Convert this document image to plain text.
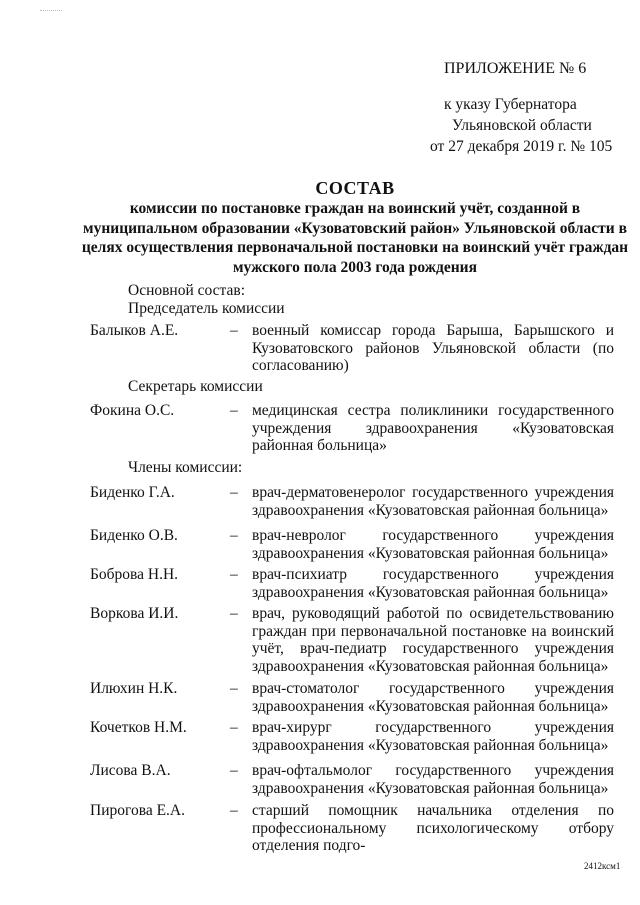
ПРИЛОЖЕНИЕ № 6
к указу Губернатора
Ульяновской области
от 27 декабря 2019 г. № 105
СОСТАВ
комиссии по постановке граждан на воинский учёт, созданной в муниципальном образовании «Кузоватовский район» Ульяновской области в целях осуществления первоначальной постановки на воинский учёт граждан мужского пола 2003 года рождения
Основной состав:
Председатель комиссии
Балыков А.Е.	– военный комиссар города Барыша, Барышского и Кузоватовского районов Ульяновской области (по согласованию)
Секретарь комиссии
Фокина О.С.	– медицинская сестра поликлиники государственного учреждения здравоохранения «Кузоватовская районная больница»
Члены комиссии:
Биденко Г.А.	– врач-дерматовенеролог государственного учреждения здравоохранения «Кузоватовская районная больница»
Биденко О.В.	– врач-невролог государственного учреждения здравоохранения «Кузоватовская районная больница»
Боброва Н.Н.	– врач-психиатр государственного учреждения здравоохранения «Кузоватовская районная больница»
Воркова И.И.	– врач, руководящий работой по освидетельствованию граждан при первоначальной постановке на воинский учёт, врач-педиатр государственного учреждения здравоохранения «Кузоватовская районная больница»
Илюхин Н.К.	– врач-стоматолог государственного учреждения здравоохранения «Кузоватовская районная больница»
Кочетков Н.М.	– врач-хирург государственного учреждения здравоохранения «Кузоватовская районная больница»
Лисова В.А.	– врач-офтальмолог государственного учреждения здравоохранения «Кузоватовская районная больница»
Пирогова Е.А.	– старший помощник начальника отделения по профессиональному психологическому отбору отделения подго-
2412ксм1
